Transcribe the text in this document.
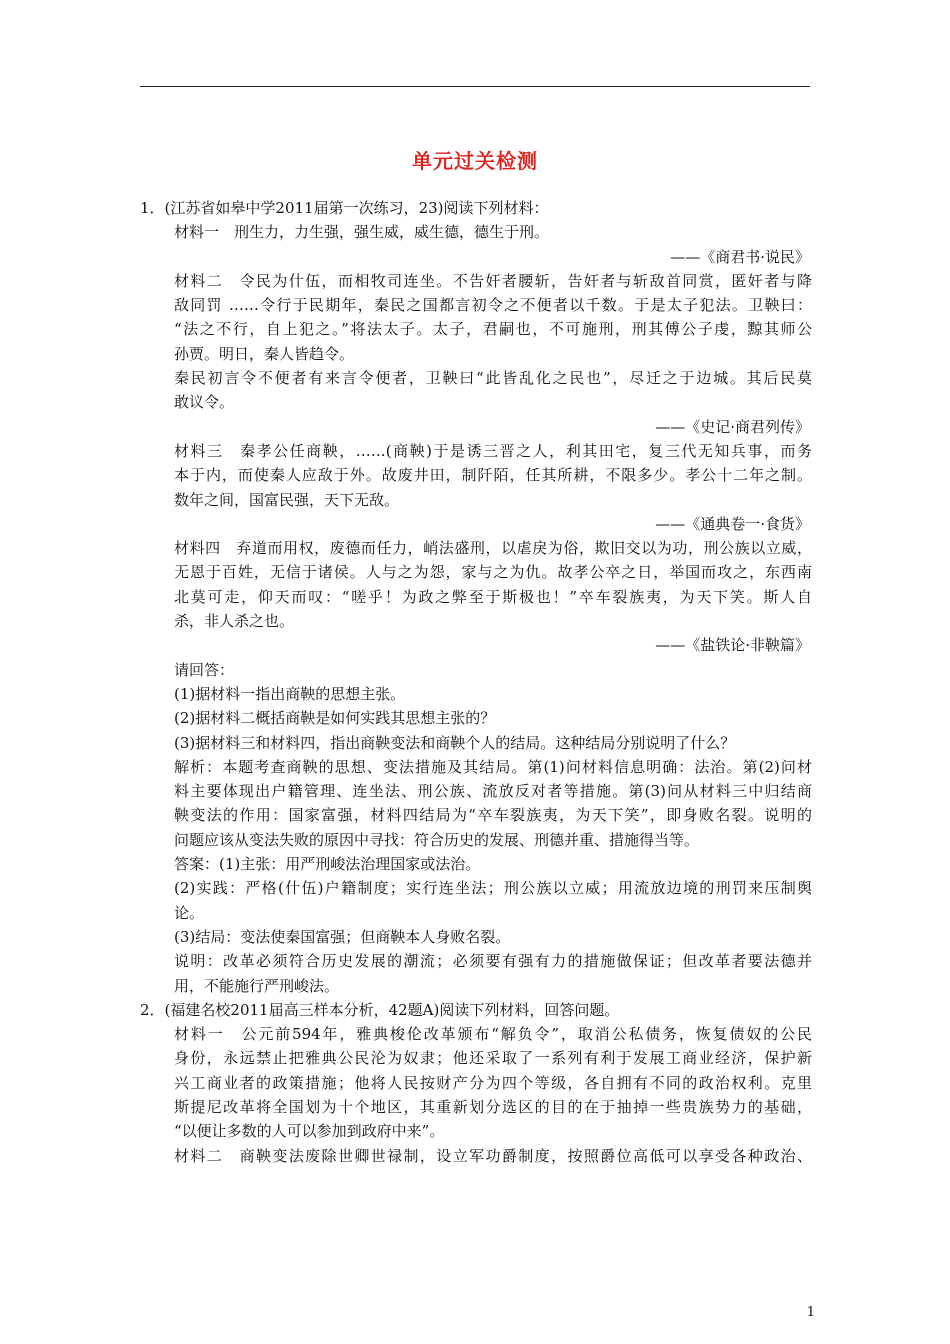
单元过关检测
1．(江苏省如皋中学2011届第一次练习，23)阅读下列材料：
材料一　刑生力，力生强，强生威，威生德，德生于刑。
——《商君书·说民》
材料二　令民为什伍，而相牧司连坐。不告奸者腰斩，告奸者与斩敌首同赏，匿奸者与降
敌同罚 ……令行于民期年，秦民之国都言初令之不便者以千数。于是太子犯法。卫鞅曰：
“法之不行，自上犯之。”将法太子。太子，君嗣也，不可施刑，刑其傅公子虔，黥其师公
孙贾。明日，秦人皆趋令。
秦民初言令不便者有来言令便者，卫鞅曰“此皆乱化之民也”，尽迁之于边城。其后民莫
敢议令。
——《史记·商君列传》
材料三　秦孝公任商鞅，……(商鞅)于是诱三晋之人，利其田宅，复三代无知兵事，而务
本于内，而使秦人应敌于外。故废井田，制阡陌，任其所耕，不限多少。孝公十二年之制。
数年之间，国富民强，天下无敌。
——《通典卷一·食货》
材料四　弃道而用权，废德而任力，峭法盛刑，以虐戾为俗，欺旧交以为功，刑公族以立威，
无恩于百姓，无信于诸侯。人与之为怨，家与之为仇。故孝公卒之日，举国而攻之，东西南
北莫可走，仰天而叹：“嗟乎！为政之弊至于斯极也！”卒车裂族夷，为天下笑。斯人自
杀，非人杀之也。
——《盐铁论·非鞅篇》
请回答：
(1)据材料一指出商鞅的思想主张。
(2)据材料二概括商鞅是如何实践其思想主张的？
(3)据材料三和材料四，指出商鞅变法和商鞅个人的结局。这种结局分别说明了什么？
解析：本题考查商鞅的思想、变法措施及其结局。第(1)问材料信息明确：法治。第(2)问材
料主要体现出户籍管理、连坐法、刑公族、流放反对者等措施。第(3)问从材料三中归结商
鞅变法的作用：国家富强，材料四结局为“卒车裂族夷，为天下笑”，即身败名裂。说明的
问题应该从变法失败的原因中寻找：符合历史的发展、刑德并重、措施得当等。
答案：(1)主张：用严刑峻法治理国家或法治。
(2)实践：严格(什伍)户籍制度；实行连坐法；刑公族以立威；用流放边境的刑罚来压制舆
论。
(3)结局：变法使秦国富强；但商鞅本人身败名裂。
说明：改革必须符合历史发展的潮流；必须要有强有力的措施做保证；但改革者要法德并
用，不能施行严刑峻法。
2．(福建名校2011届高三样本分析，42题A)阅读下列材料，回答问题。
材料一　公元前594年，雅典梭伦改革颁布“解负令”，取消公私债务，恢复债奴的公民
身份，永远禁止把雅典公民沦为奴隶；他还采取了一系列有利于发展工商业经济，保护新
兴工商业者的政策措施；他将人民按财产分为四个等级，各自拥有不同的政治权利。克里
斯提尼改革将全国划为十个地区，其重新划分选区的目的在于抽掉一些贵族势力的基础，
“以便让多数的人可以参加到政府中来”。
材料二　商鞅变法废除世卿世禄制，设立军功爵制度，按照爵位高低可以享受各种政治、
1
